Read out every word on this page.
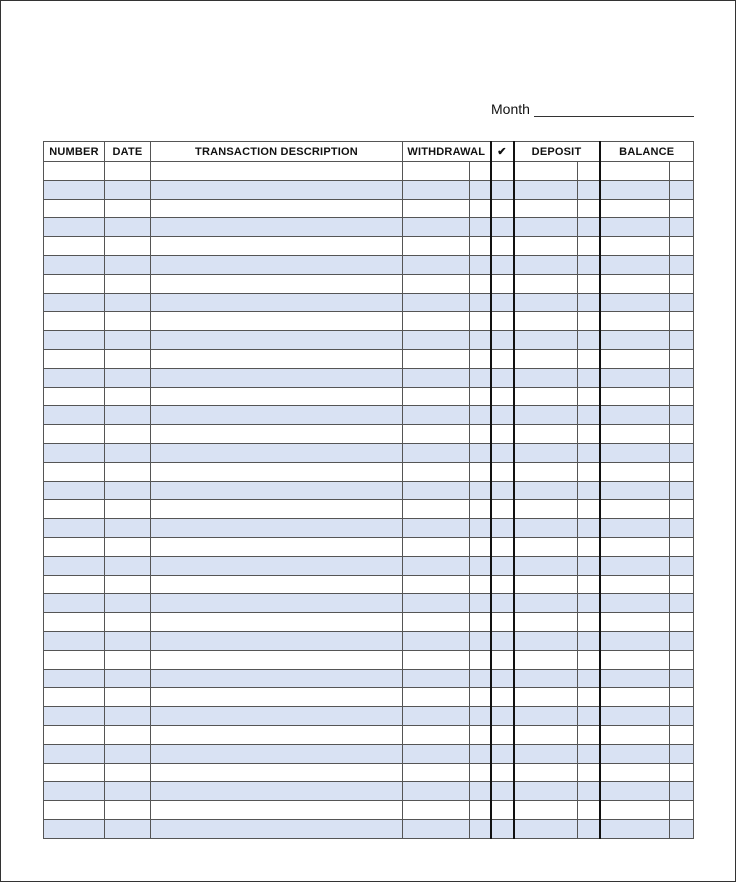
Month
NUMBER	DATE	TRANSACTION DESCRIPTION	WITHDRAWAL		✔	DEPOSIT		BALANCE	
